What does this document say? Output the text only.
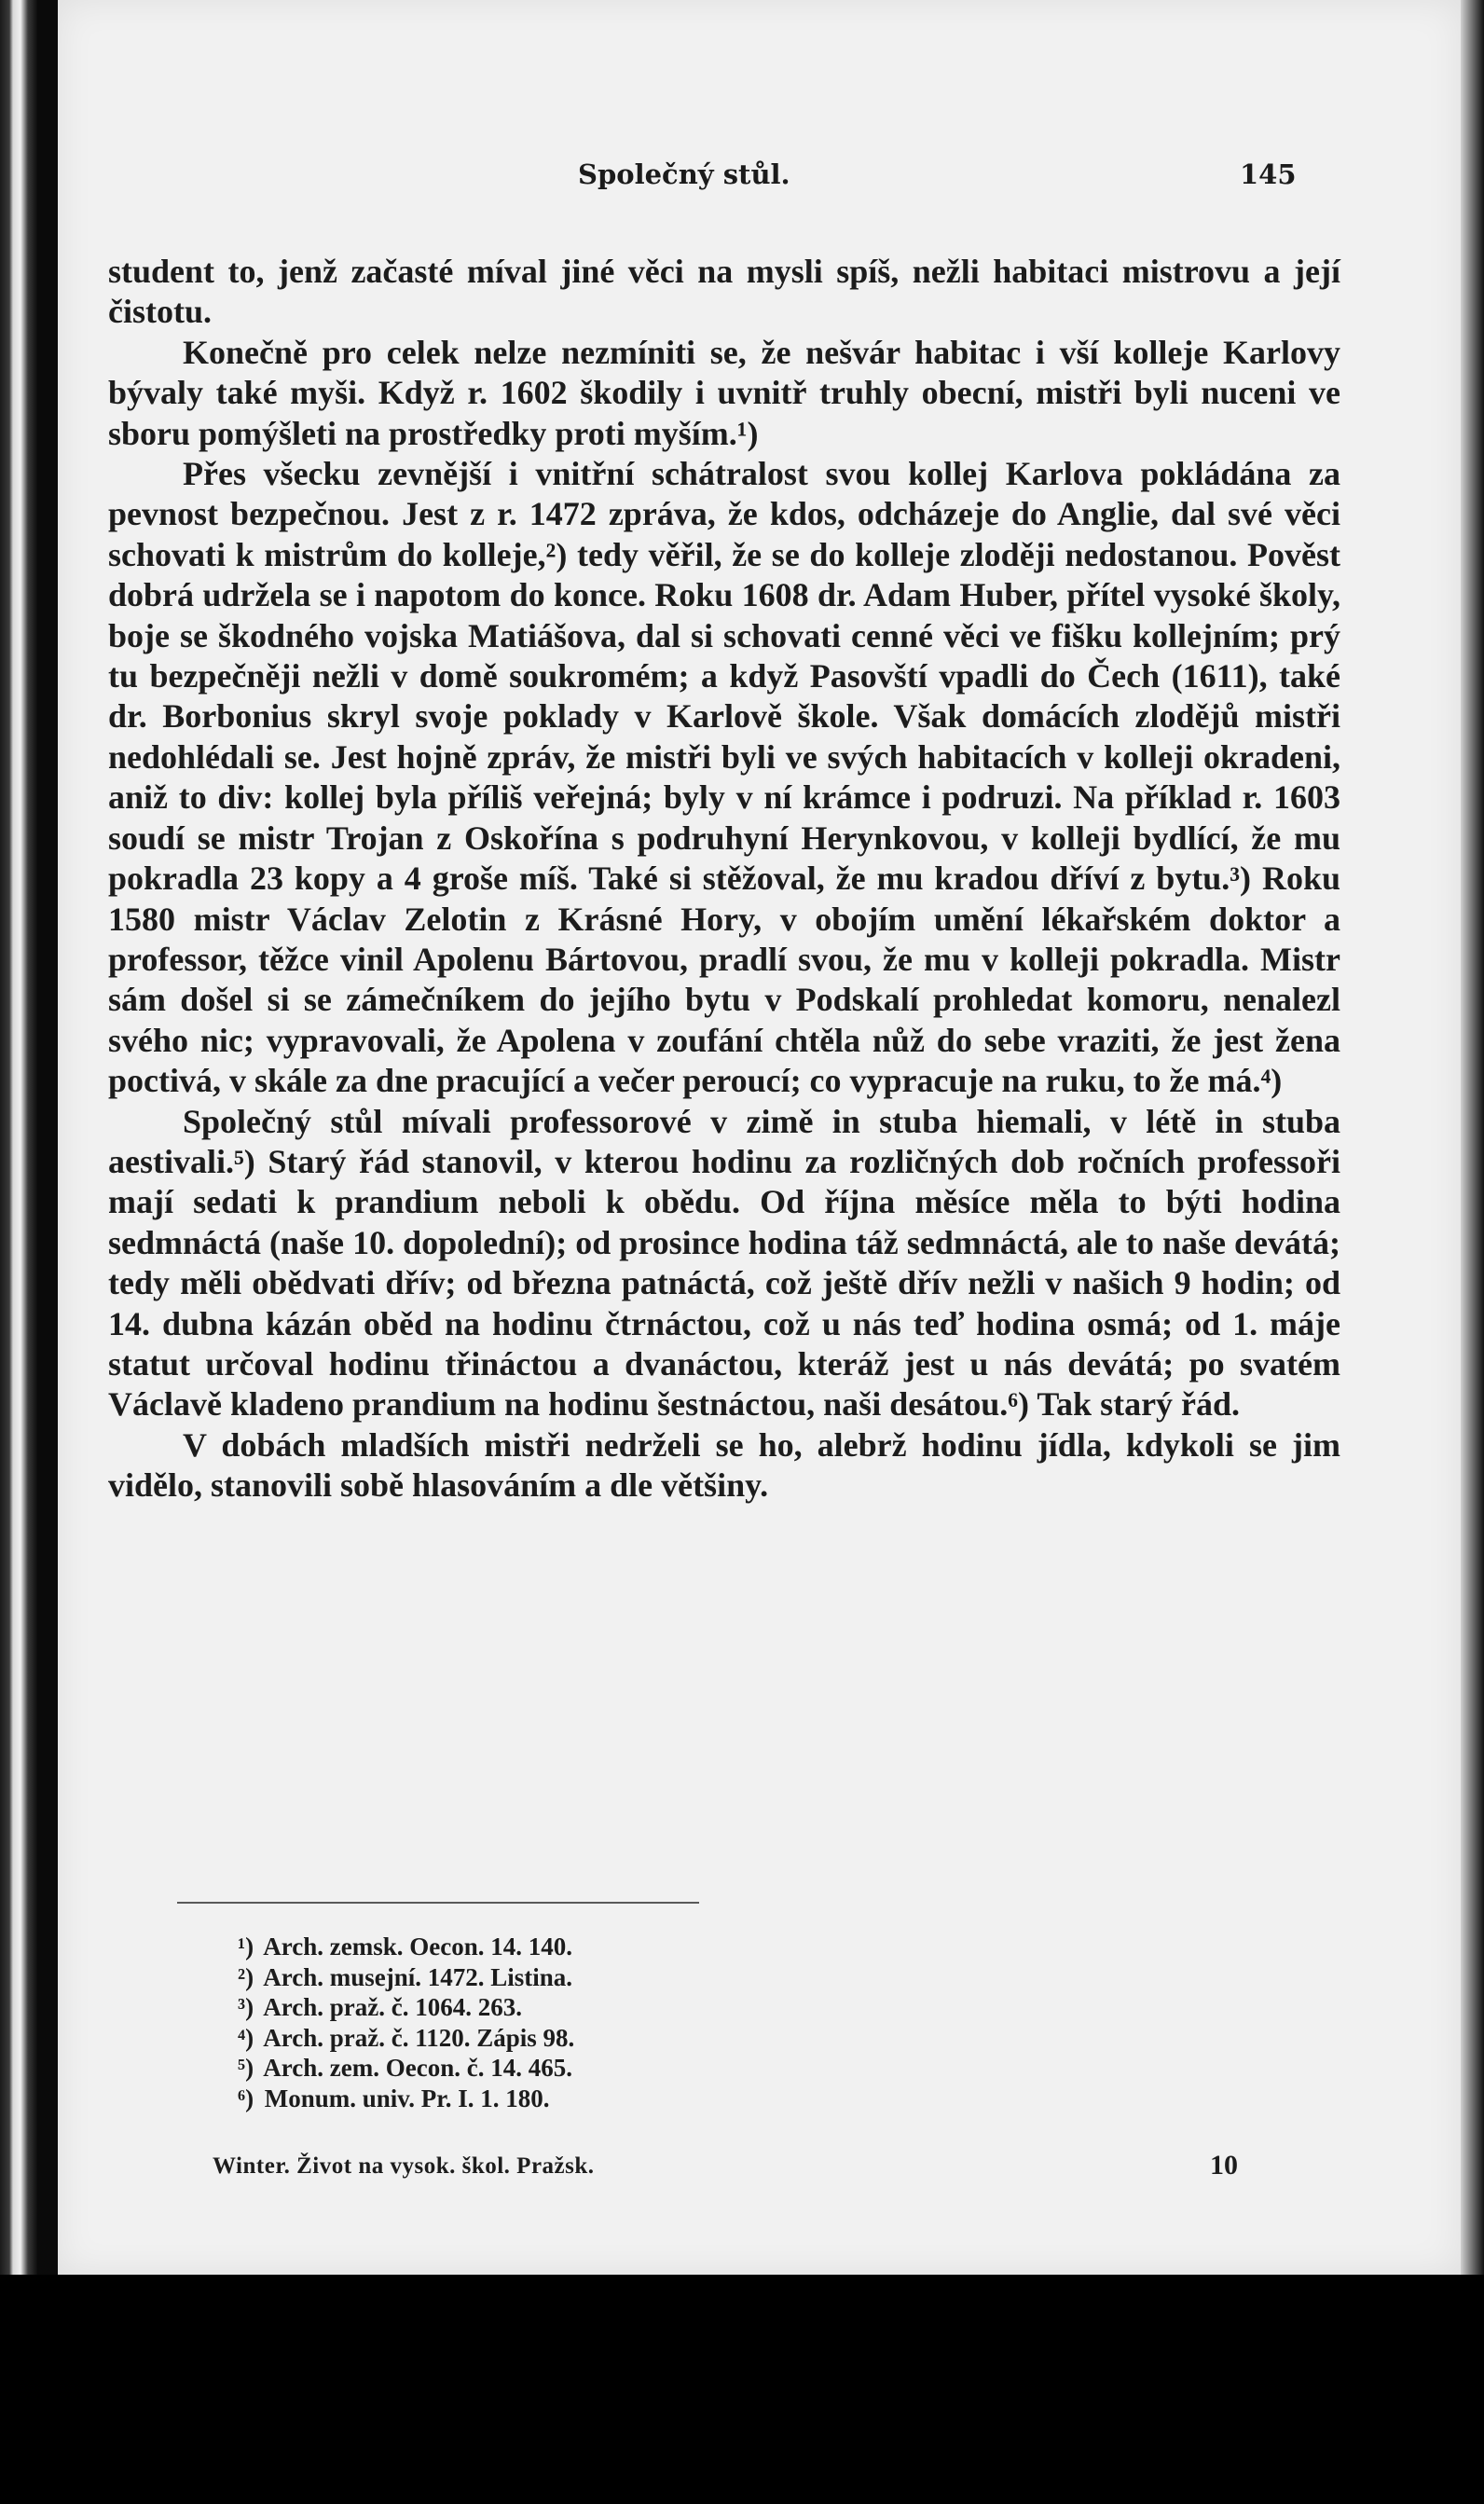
Společný stůl.	145

student to, jenž začasté míval jiné věci na mysli spíš, nežli habitaci mistrovu a její čistotu.

Konečně pro celek nelze nezmíniti se, že nešvár habitac i vší kolleje Karlovy bývaly také myši. Když r. 1602 škodily i uvnitř truhly obecní, mistři byli nuceni ve sboru pomýšleti na prostředky proti myším.¹)

Přes všecku zevnější i vnitřní schátralost svou kollej Karlova pokládána za pevnost bezpečnou. Jest z r. 1472 zpráva, že kdos, odcházeje do Anglie, dal své věci schovati k mistrům do kolleje,²) tedy věřil, že se do kolleje zloději nedostanou. Pověst dobrá udržela se i napotom do konce. Roku 1608 dr. Adam Huber, přítel vysoké školy, boje se škodného vojska Matiášova, dal si schovati cenné věci ve fišku kollejním; prý tu bezpečněji nežli v domě soukromém; a když Pasovští vpadli do Čech (1611), také dr. Borbonius skryl svoje poklady v Karlově škole. Však domácích zlodějů mistři nedohlédali se. Jest hojně zpráv, že mistři byli ve svých habitacích v kolleji okradeni, aniž to div: kollej byla příliš veřejná; byly v ní krámce i podruzi. Na příklad r. 1603 soudí se mistr Trojan z Oskořína s podruhyní Herynkovou, v kolleji bydlící, že mu pokradla 23 kopy a 4 groše míš. Také si stěžoval, že mu kradou dříví z bytu.³) Roku 1580 mistr Václav Zelotin z Krásné Hory, v obojím umění lékařském doktor a professor, těžce vinil Apolenu Bártovou, pradlí svou, že mu v kolleji pokradla. Mistr sám došel si se zámečníkem do jejího bytu v Podskalí prohledat komoru, nenalezl svého nic; vypravovali, že Apolena v zoufání chtěla nůž do sebe vraziti, že jest žena poctivá, v skále za dne pracující a večer peroucí; co vypracuje na ruku, to že má.⁴)

Společný stůl mívali professorové v zimě in stuba hiemali, v létě in stuba aestivali.⁵) Starý řád stanovil, v kterou hodinu za rozličných dob ročních professoři mají sedati k prandium neboli k obědu. Od října měsíce měla to býti hodina sedmnáctá (naše 10. dopolední); od prosince hodina táž sedmnáctá, ale to naše devátá; tedy měli obědvati dřív; od března patnáctá, což ještě dřív nežli v našich 9 hodin; od 14. dubna kázán oběd na hodinu čtrnáctou, což u nás teď hodina osmá; od 1. máje statut určoval hodinu třináctou a dvanáctou, kteráž jest u nás devátá; po svatém Václavě kladeno prandium na hodinu šestnáctou, naši desátou.⁶) Tak starý řád.

V dobách mladších mistři nedrželi se ho, alebrž hodinu jídla, kdykoli se jim vidělo, stanovili sobě hlasováním a dle většiny.

¹) Arch. zemsk. Oecon. 14. 140.
²) Arch. musejní. 1472. Listina.
³) Arch. praž. č. 1064. 263.
⁴) Arch. praž. č. 1120. Zápis 98.
⁵) Arch. zem. Oecon. č. 14. 465.
⁶) Monum. univ. Pr. I. 1. 180.
Winter. Život na vysok. škol. Pražsk.	10
